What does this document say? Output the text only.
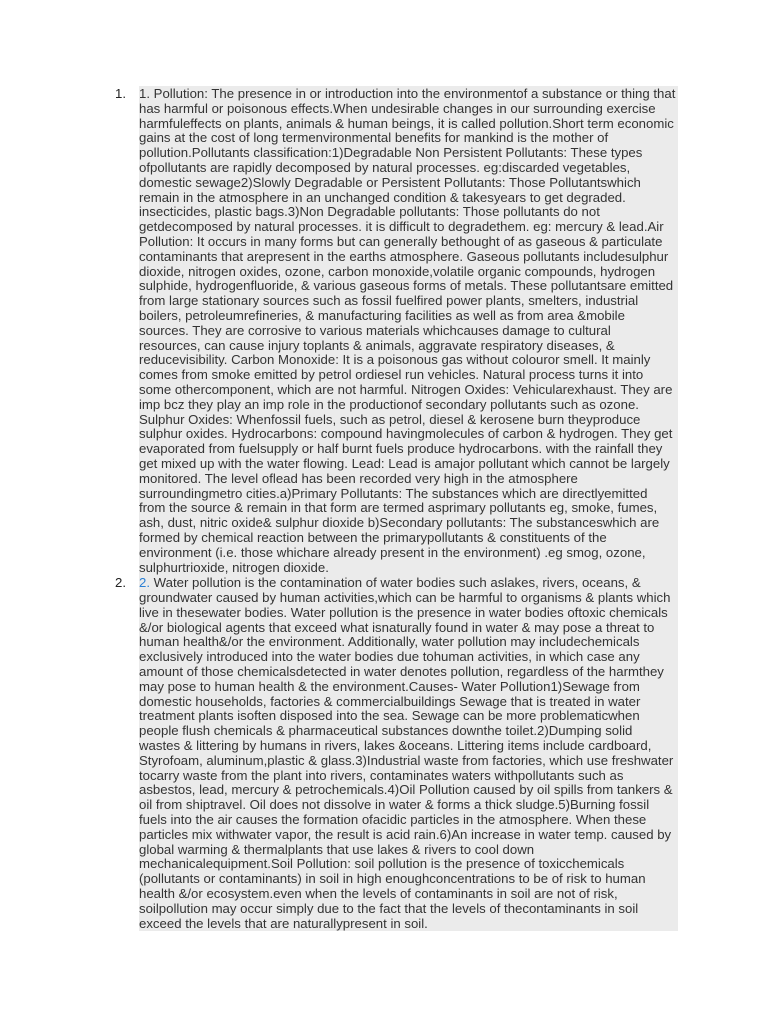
1. 1. Pollution: The presence in or introduction into the environmentof a substance or thing that has harmful or poisonous effects.When undesirable changes in our surrounding exercise harmfuleffects on plants, animals & human beings, it is called pollution.Short term economic gains at the cost of long termenvironmental benefits for mankind is the mother of pollution.Pollutants classification:1)Degradable Non Persistent Pollutants: These types ofpollutants are rapidly decomposed by natural processes. eg:discarded vegetables, domestic sewage2)Slowly Degradable or Persistent Pollutants: Those Pollutantswhich remain in the atmosphere in an unchanged condition & takesyears to get degraded. insecticides, plastic bags.3)Non Degradable pollutants: Those pollutants do not getdecomposed by natural processes. it is difficult to degradethem. eg: mercury & lead.Air Pollution: It occurs in many forms but can generally bethought of as gaseous & particulate contaminants that arepresent in the earths atmosphere. Gaseous pollutants includesulphur dioxide, nitrogen oxides, ozone, carbon monoxide,volatile organic compounds, hydrogen sulphide, hydrogenfluoride, & various gaseous forms of metals. These pollutantsare emitted from large stationary sources such as fossil fuelfired power plants, smelters, industrial boilers, petroleumrefineries, & manufacturing facilities as well as from area &mobile sources. They are corrosive to various materials whichcauses damage to cultural resources, can cause injury toplants & animals, aggravate respiratory diseases, & reducevisibility. Carbon Monoxide: It is a poisonous gas without colouror smell. It mainly comes from smoke emitted by petrol ordiesel run vehicles. Natural process turns it into some othercomponent, which are not harmful. Nitrogen Oxides: Vehicularexhaust. They are imp bcz they play an imp role in the productionof secondary pollutants such as ozone. Sulphur Oxides: Whenfossil fuels, such as petrol, diesel & kerosene burn theyproduce sulphur oxides. Hydrocarbons: compound havingmolecules of carbon & hydrogen. They get evaporated from fuelsupply or half burnt fuels produce hydrocarbons. with the rainfall they get mixed up with the water flowing. Lead: Lead is amajor pollutant which cannot be largely monitored. The level oflead has been recorded very high in the atmosphere surroundingmetro cities.a)Primary Pollutants: The substances which are directlyemitted from the source & remain in that form are termed asprimary pollutants eg, smoke, fumes, ash, dust, nitric oxide& sulphur dioxide b)Secondary pollutants: The substanceswhich are formed by chemical reaction between the primarypollutants & constituents of the environment (i.e. those whichare already present in the environment) .eg smog, ozone, sulphurtrioxide, nitrogen dioxide.
2. 2. Water pollution is the contamination of water bodies such aslakes, rivers, oceans, & groundwater caused by human activities,which can be harmful to organisms & plants which live in thesewater bodies. Water pollution is the presence in water bodies oftoxic chemicals &/or biological agents that exceed what isnaturally found in water & may pose a threat to human health&/or the environment. Additionally, water pollution may includechemicals exclusively introduced into the water bodies due tohuman activities, in which case any amount of those chemicalsdetected in water denotes pollution, regardless of the harmthey may pose to human health & the environment.Causes- Water Pollution1)Sewage from domestic households, factories & commercialbuildings Sewage that is treated in water treatment plants isoften disposed into the sea. Sewage can be more problematicwhen people flush chemicals & pharmaceutical substances downthe toilet.2)Dumping solid wastes & littering by humans in rivers, lakes &oceans. Littering items include cardboard, Styrofoam, aluminum,plastic & glass.3)Industrial waste from factories, which use freshwater tocarry waste from the plant into rivers, contaminates waters withpollutants such as asbestos, lead, mercury & petrochemicals.4)Oil Pollution caused by oil spills from tankers & oil from shiptravel. Oil does not dissolve in water & forms a thick sludge.5)Burning fossil fuels into the air causes the formation ofacidic particles in the atmosphere. When these particles mix withwater vapor, the result is acid rain.6)An increase in water temp. caused by global warming & thermalplants that use lakes & rivers to cool down mechanicalequipment.Soil Pollution: soil pollution is the presence of toxicchemicals (pollutants or contaminants) in soil in high enoughconcentrations to be of risk to human health &/or ecosystem.even when the levels of contaminants in soil are not of risk, soilpollution may occur simply due to the fact that the levels of thecontaminants in soil exceed the levels that are naturallypresent in soil.
